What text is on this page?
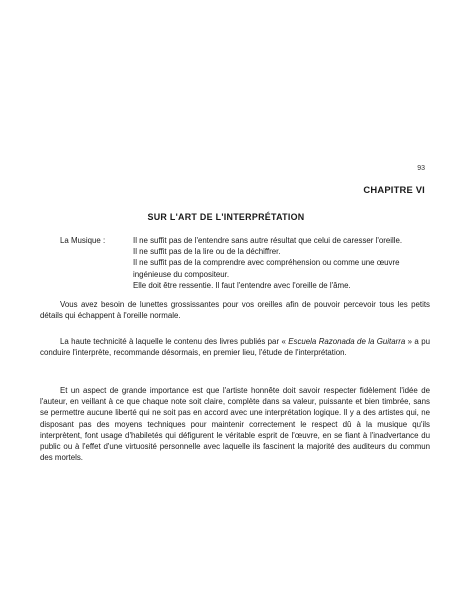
93
CHAPITRE VI
SUR L'ART DE L'INTERPRÉTATION
La Musique :	Il ne suffit pas de l'entendre sans autre résultat que celui de caresser l'oreille.
Il ne suffit pas de la lire ou de la déchiffrer.
Il ne suffit pas de la comprendre avec compréhension ou comme une œuvre ingénieuse du compositeur.
Elle doit être ressentie. Il faut l'entendre avec l'oreille de l'âme.

Vous avez besoin de lunettes grossissantes pour vos oreilles afin de pouvoir percevoir tous les petits détails qui échappent à l'oreille normale.

La haute technicité à laquelle le contenu des livres publiés par « Escuela Razonada de la Guitarra » a pu conduire l'interprète, recommande désormais, en premier lieu, l'étude de l'interprétation.

Et un aspect de grande importance est que l'artiste honnête doit savoir respecter fidèlement l'idée de l'auteur, en veillant à ce que chaque note soit claire, complète dans sa valeur, puissante et bien timbrée, sans se permettre aucune liberté qui ne soit pas en accord avec une interprétation logique. Il y a des artistes qui, ne disposant pas des moyens techniques pour maintenir correctement le respect dû à la musique qu'ils interprètent, font usage d'habiletés qui défigurent le véritable esprit de l'œuvre, en se fiant à l'inadvertance du public ou à l'effet d'une virtuosité personnelle avec laquelle ils fascinent la majorité des auditeurs du commun des mortels.
